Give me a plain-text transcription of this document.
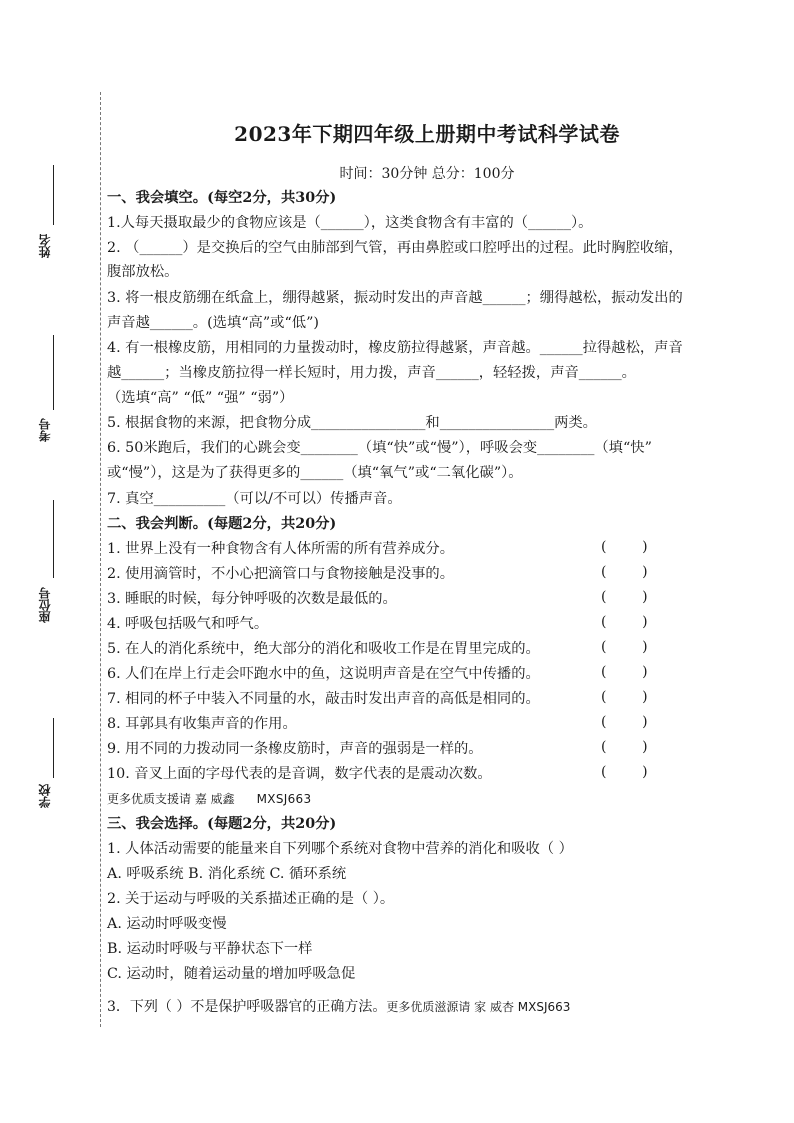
姓名
考号
座位号
学校
2023年下期四年级上册期中考试科学试卷
时间：30分钟 总分：100分
一、我会填空。(每空2分，共30分)
1.人每天摄取最少的食物应该是（______），这类食物含有丰富的（______）。
2. （______）是交换后的空气由肺部到气管，再由鼻腔或口腔呼出的过程。此时胸腔收缩，
腹部放松。
3. 将一根皮筋绷在纸盒上，绷得越紧，振动时发出的声音越______；绷得越松，振动发出的
声音越______。(选填“高”或“低”)
4. 有一根橡皮筋，用相同的力量拨动时，橡皮筋拉得越紧，声音越。______拉得越松，声音
越______；当橡皮筋拉得一样长短时，用力拨，声音______，轻轻拨，声音______。
（选填“高” “低” “强” “弱”）
5. 根据食物的来源，把食物分成________________和________________两类。
6. 50米跑后，我们的心跳会变________（填“快”或“慢”），呼吸会变________（填“快”
或“慢”），这是为了获得更多的______（填“氧气”或“二氧化碳”）。
7. 真空__________（可以/不可以）传播声音。
二、我会判断。(每题2分，共20分)
1. 世界上没有一种食物含有人体所需的所有营养成分。	(        )
2. 使用滴管时，不小心把滴管口与食物接触是没事的。	(        )
3. 睡眠的时候，每分钟呼吸的次数是最低的。	(        )
4. 呼吸包括吸气和呼气。	(        )
5. 在人的消化系统中，绝大部分的消化和吸收工作是在胃里完成的。	(        )
6. 人们在岸上行走会吓跑水中的鱼，这说明声音是在空气中传播的。	(        )
7. 相同的杯子中装入不同量的水，敲击时发出声音的高低是相同的。	(        )
8. 耳郭具有收集声音的作用。	(        )
9. 用不同的力拨动同一条橡皮筋时，声音的强弱是一样的。	(        )
10. 音叉上面的字母代表的是音调，数字代表的是震动次数。	(        )
更多优质支援请 嘉 威鑫 MXSJ663
三、我会选择。(每题2分，共20分)
1. 人体活动需要的能量来自下列哪个系统对食物中营养的消化和吸收（ ）
A. 呼吸系统 B. 消化系统 C. 循环系统
2. 关于运动与呼吸的关系描述正确的是（ ）。
A. 运动时呼吸变慢
B. 运动时呼吸与平静状态下一样
C. 运动时，随着运动量的增加呼吸急促
3．下列（ ）不是保护呼吸器官的正确方法。更多优质滋源请 家 威杏 MXSJ663
